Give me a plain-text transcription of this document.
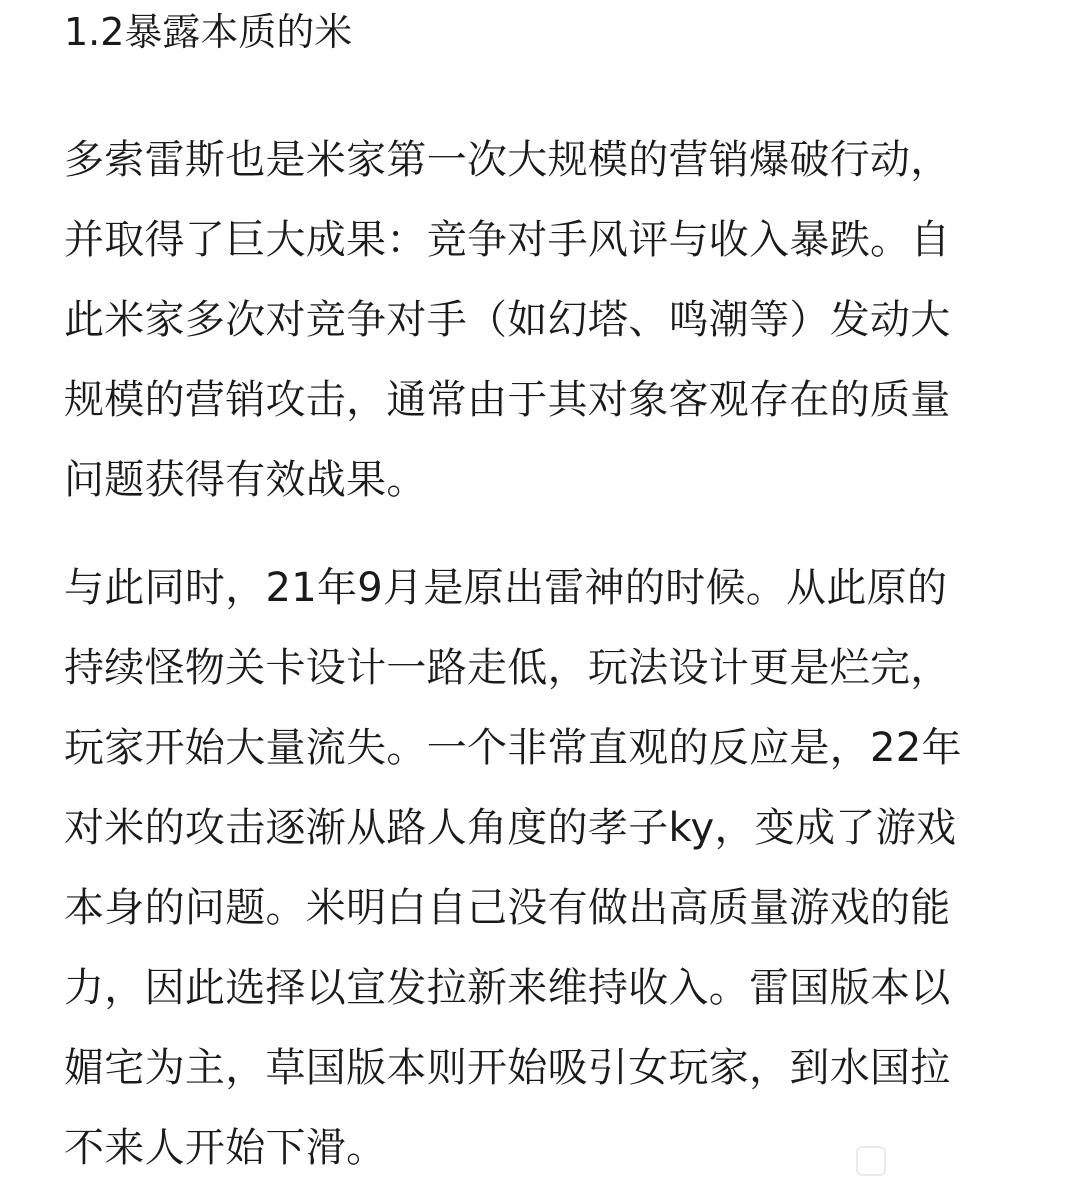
1.2暴露本质的米

多索雷斯也是米家第一次大规模的营销爆破行动，
并取得了巨大成果：竞争对手风评与收入暴跌。自
此米家多次对竞争对手（如幻塔、鸣潮等）发动大
规模的营销攻击，通常由于其对象客观存在的质量
问题获得有效战果。

与此同时，21年9月是原出雷神的时候。从此原的
持续怪物关卡设计一路走低，玩法设计更是烂完，
玩家开始大量流失。一个非常直观的反应是，22年
对米的攻击逐渐从路人角度的孝子ky，变成了游戏
本身的问题。米明白自己没有做出高质量游戏的能
力，因此选择以宣发拉新来维持收入。雷国版本以
媚宅为主，草国版本则开始吸引女玩家，到水国拉
不来人开始下滑。
